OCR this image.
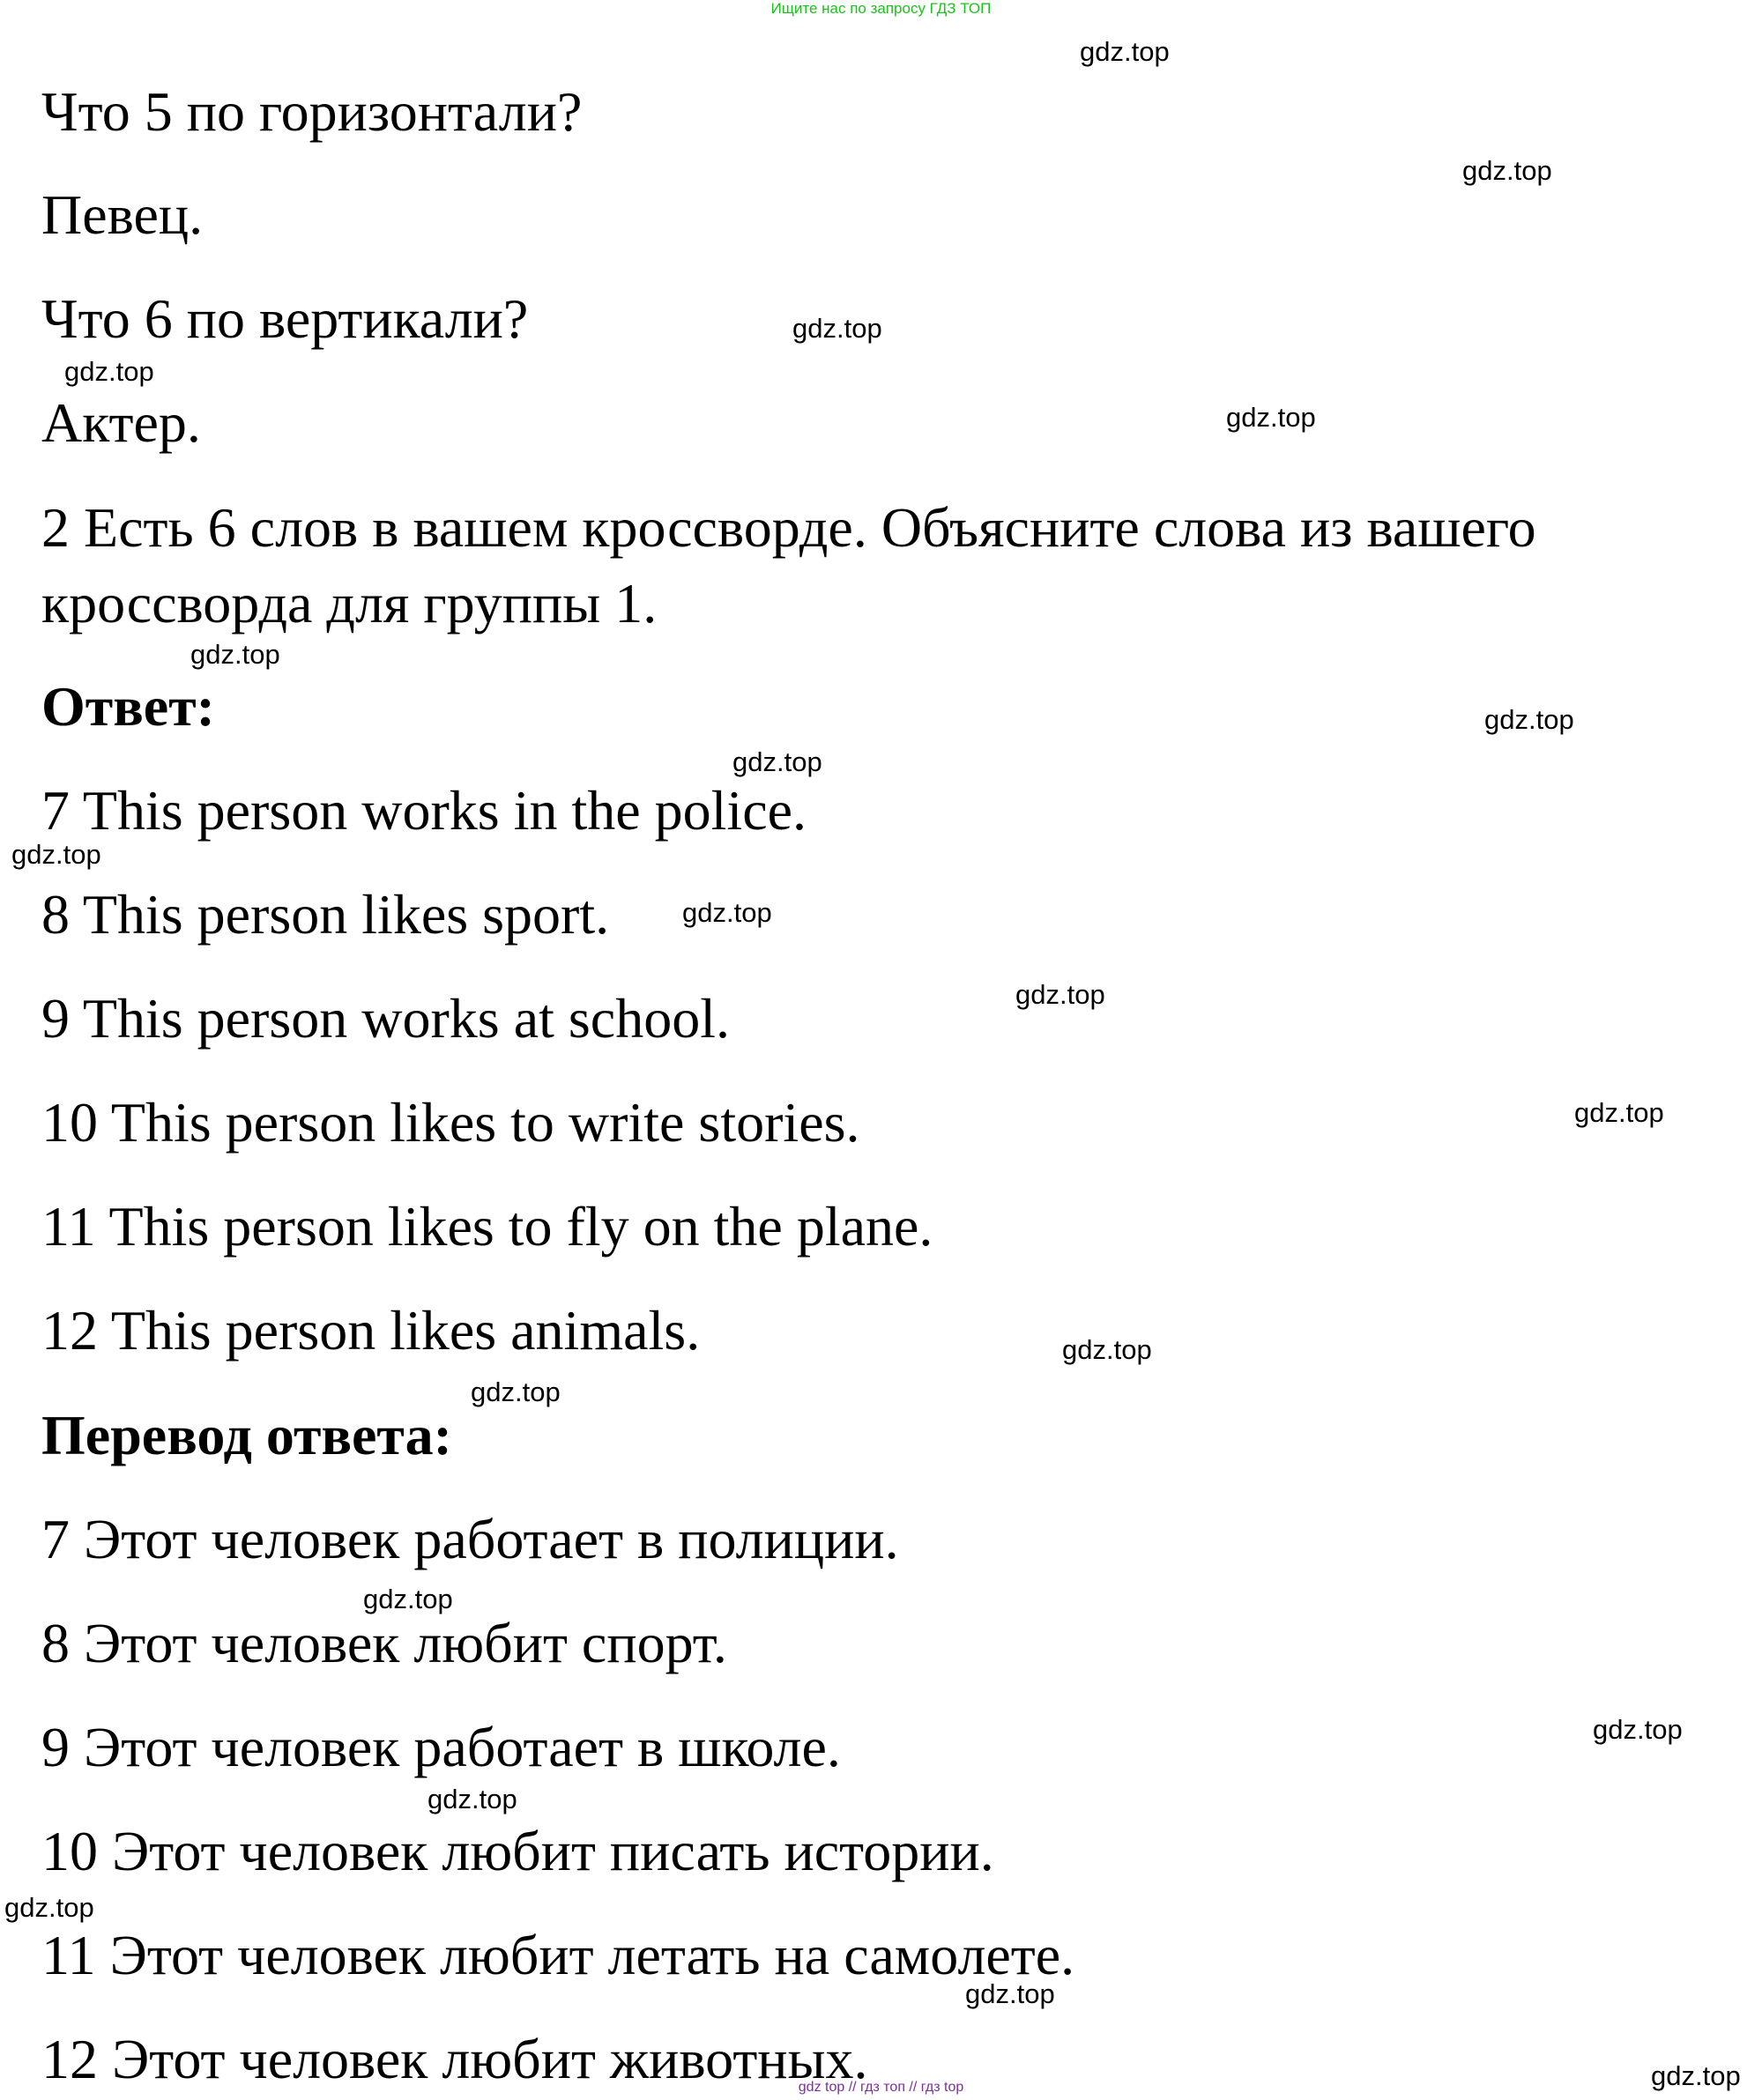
Ищите нас по запросу ГДЗ ТОП
Что 5 по горизонтали?
Певец.
Что 6 по вертикали?
Актер.
2 Есть 6 слов в вашем кроссворде. Объясните слова из вашего
кроссворда для группы 1.
Ответ:
7 This person works in the police.
8 This person likes sport.
9 This person works at school.
10 This person likes to write stories.
11 This person likes to fly on the plane.
12 This person likes animals.
Перевод ответа:
7 Этот человек работает в полиции.
8 Этот человек любит спорт.
9 Этот человек работает в школе.
10 Этот человек любит писать истории.
11 Этот человек любит летать на самолете.
12 Этот человек любит животных.
gdz.top
gdz.top
gdz.top
gdz.top
gdz.top
gdz.top
gdz.top
gdz.top
gdz.top
gdz.top
gdz.top
gdz.top
gdz.top
gdz.top
gdz.top
gdz.top
gdz.top
gdz.top
gdz.top
gdz.top
gdz top // гдз топ // гдз top
